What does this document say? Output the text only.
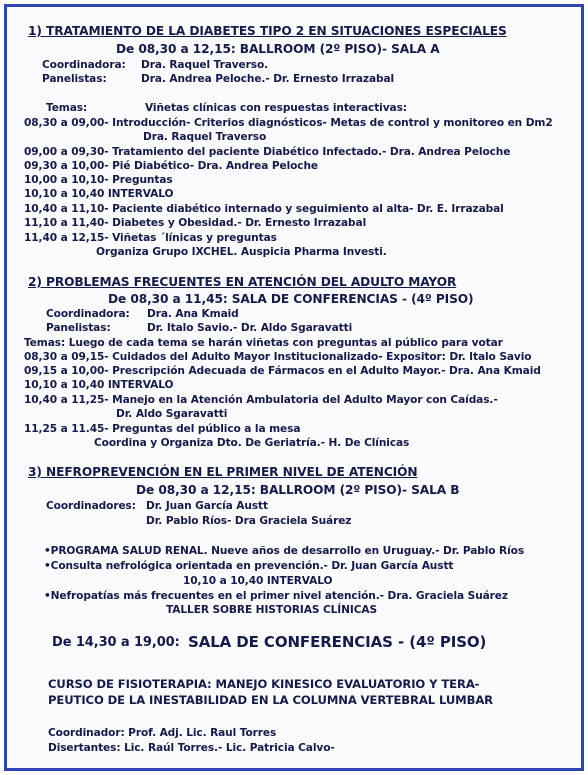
1) TRATAMIENTO DE LA DIABETES TIPO 2 EN SITUACIONES ESPECIALES
De 08,30 a 12,15: BALLROOM (2º PISO)- SALA A
Coordinadora: Dra. Raquel Traverso.
Panelistas:	Dra. Andrea Peloche.- Dr. Ernesto Irrazabal
Temas:	Viñetas clínicas con respuestas interactivas:
08,30 a 09,00- Introducción- Criterios diagnósticos- Metas de control y monitoreo en Dm2
Dra. Raquel Traverso
09,00 a 09,30- Tratamiento del paciente Diabético Infectado.- Dra. Andrea Peloche
09,30 a 10,00- Pié Diabético- Dra. Andrea Peloche
10,00 a 10,10- Preguntas
10,10 a 10,40 INTERVALO
10,40 a 11,10- Paciente diabético internado y seguimiento al alta- Dr. E. Irrazabal
11,10 a 11,40- Diabetes y Obesidad.- Dr. Ernesto Irrazabal
11,40 a 12,15- Viñetas ´línicas y preguntas
Organiza Grupo IXCHEL. Auspicia Pharma Investi.
2) PROBLEMAS FRECUENTES EN ATENCIÓN DEL ADULTO MAYOR
De 08,30 a 11,45: SALA DE CONFERENCIAS - (4º PISO)
Coordinadora: Dra. Ana Kmaid
Panelistas:	Dr. Italo Savio.- Dr. Aldo Sgaravatti
Temas: Luego de cada tema se harán viñetas con preguntas al público para votar
08,30 a 09,15- Cuidados del Adulto Mayor Institucionalizado- Expositor: Dr. Italo Savio
09,15 a 10,00- Prescripción Adecuada de Fármacos en el Adulto Mayor.- Dra. Ana Kmaid
10,10 a 10,40 INTERVALO
10,40 a 11,25- Manejo en la Atención Ambulatoria del Adulto Mayor con Caídas.-
Dr. Aldo Sgaravatti
11,25 a 11.45- Preguntas del público a la mesa
Coordina y Organiza Dto. De Geriatría.- H. De Clínicas
3) NEFROPREVENCIÓN EN EL PRIMER NIVEL DE ATENCIÓN
De 08,30 a 12,15: BALLROOM (2º PISO)- SALA B
Coordinadores: Dr. Juan García Austt
Dr. Pablo Ríos- Dra Graciela Suárez
•PROGRAMA SALUD RENAL. Nueve años de desarrollo en Uruguay.- Dr. Pablo Ríos
•Consulta nefrológica orientada en prevención.- Dr. Juan García Austt
10,10 a 10,40 INTERVALO
•Nefropatías más frecuentes en el primer nivel atención.- Dra. Graciela Suárez
TALLER SOBRE HISTORIAS CLÍNICAS
De 14,30 a 19,00: SALA DE CONFERENCIAS - (4º PISO)
CURSO DE FISIOTERAPIA: MANEJO KINESICO EVALUATORIO Y TERA-
PEUTICO DE LA INESTABILIDAD EN LA COLUMNA VERTEBRAL LUMBAR
Coordinador: Prof. Adj. Lic. Raul Torres
Disertantes: Lic. Raúl Torres.- Lic. Patricia Calvo-
